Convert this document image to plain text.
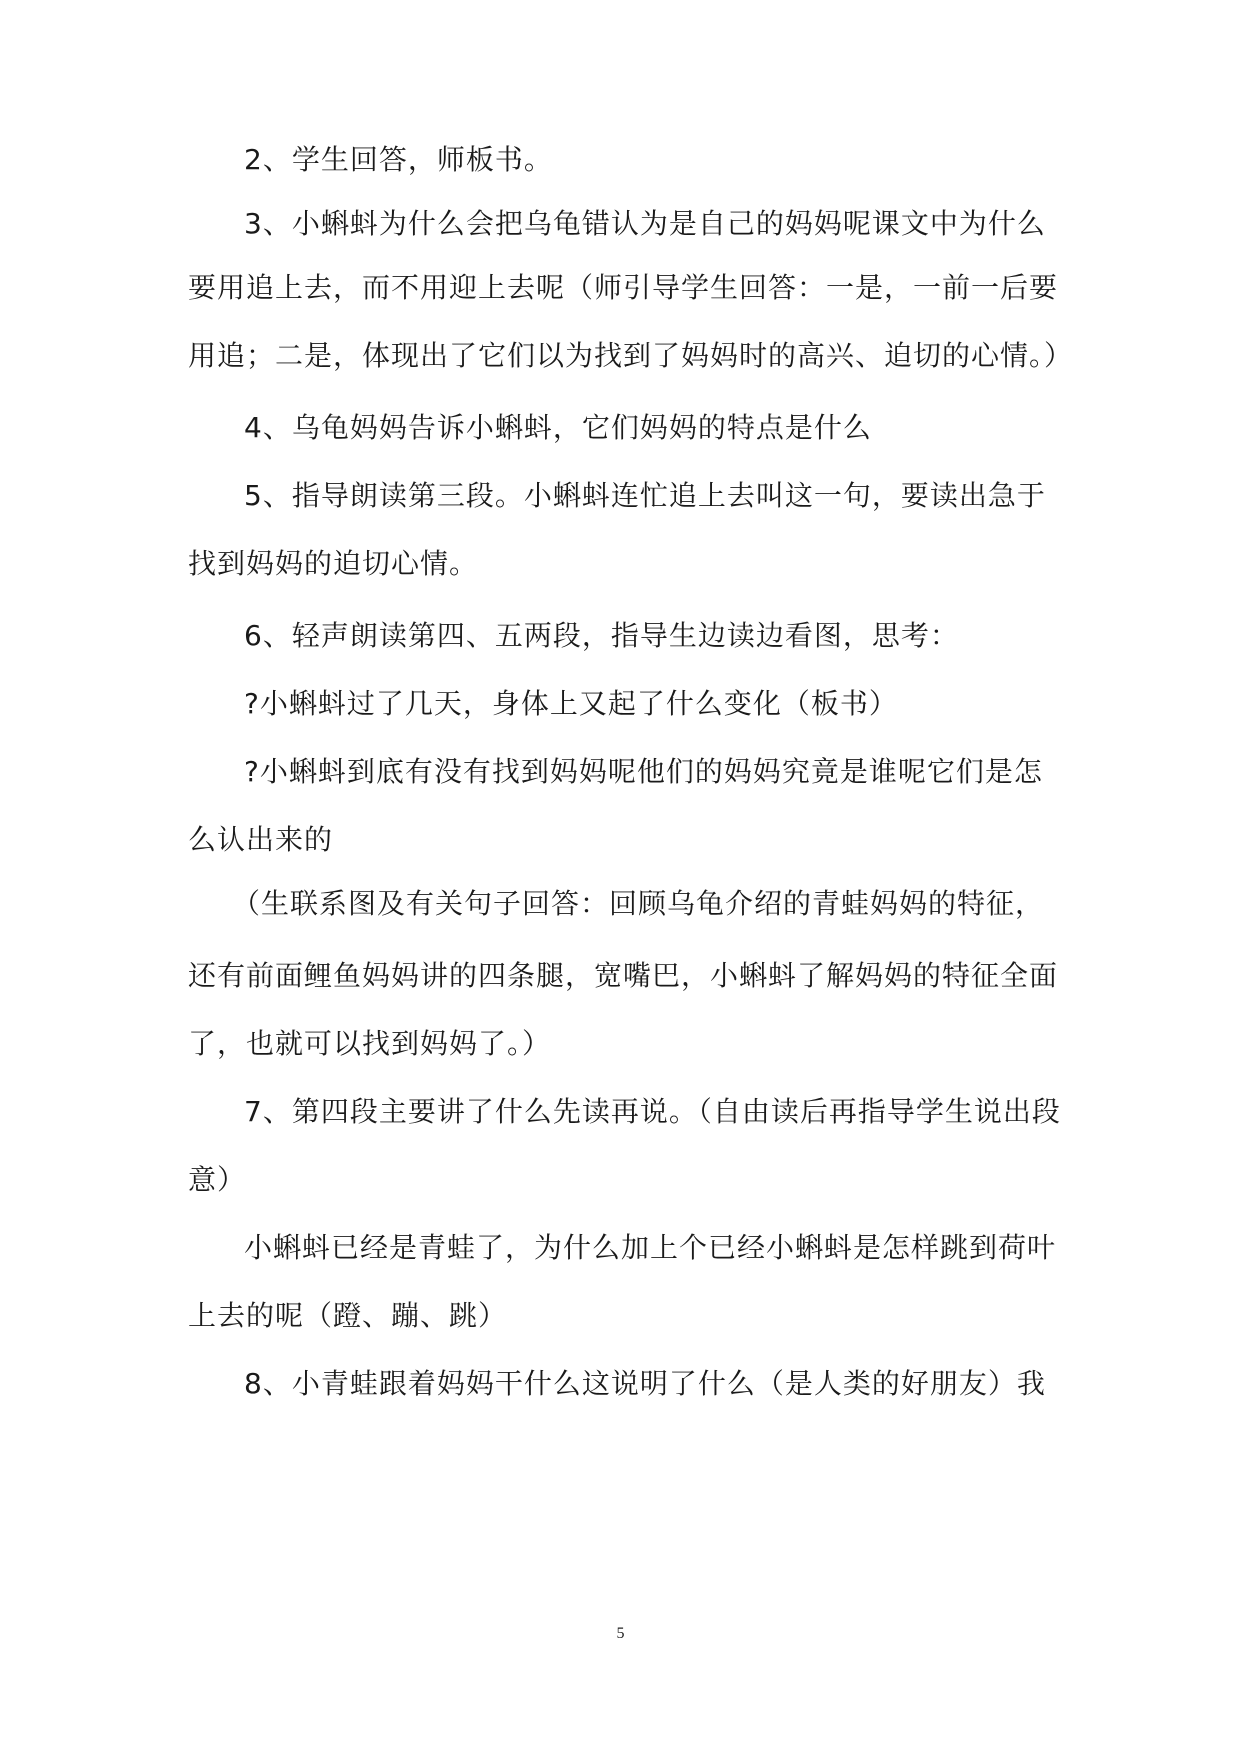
2、学生回答，师板书。
3、小蝌蚪为什么会把乌龟错认为是自己的妈妈呢课文中为什么
要用追上去，而不用迎上去呢（师引导学生回答：一是，一前一后要
用追；二是，体现出了它们以为找到了妈妈时的高兴、迫切的心情。）
4、乌龟妈妈告诉小蝌蚪，它们妈妈的特点是什么
5、指导朗读第三段。小蝌蚪连忙追上去叫这一句，要读出急于
找到妈妈的迫切心情。
6、轻声朗读第四、五两段，指导生边读边看图，思考：
?小蝌蚪过了几天，身体上又起了什么变化（板书）
?小蝌蚪到底有没有找到妈妈呢他们的妈妈究竟是谁呢它们是怎
么认出来的
（生联系图及有关句子回答：回顾乌龟介绍的青蛙妈妈的特征，
还有前面鲤鱼妈妈讲的四条腿，宽嘴巴，小蝌蚪了解妈妈的特征全面
了，也就可以找到妈妈了。）
7、第四段主要讲了什么先读再说。（自由读后再指导学生说出段
意）
小蝌蚪已经是青蛙了，为什么加上个已经小蝌蚪是怎样跳到荷叶
上去的呢（蹬、蹦、跳）
8、小青蛙跟着妈妈干什么这说明了什么（是人类的好朋友）我
5
